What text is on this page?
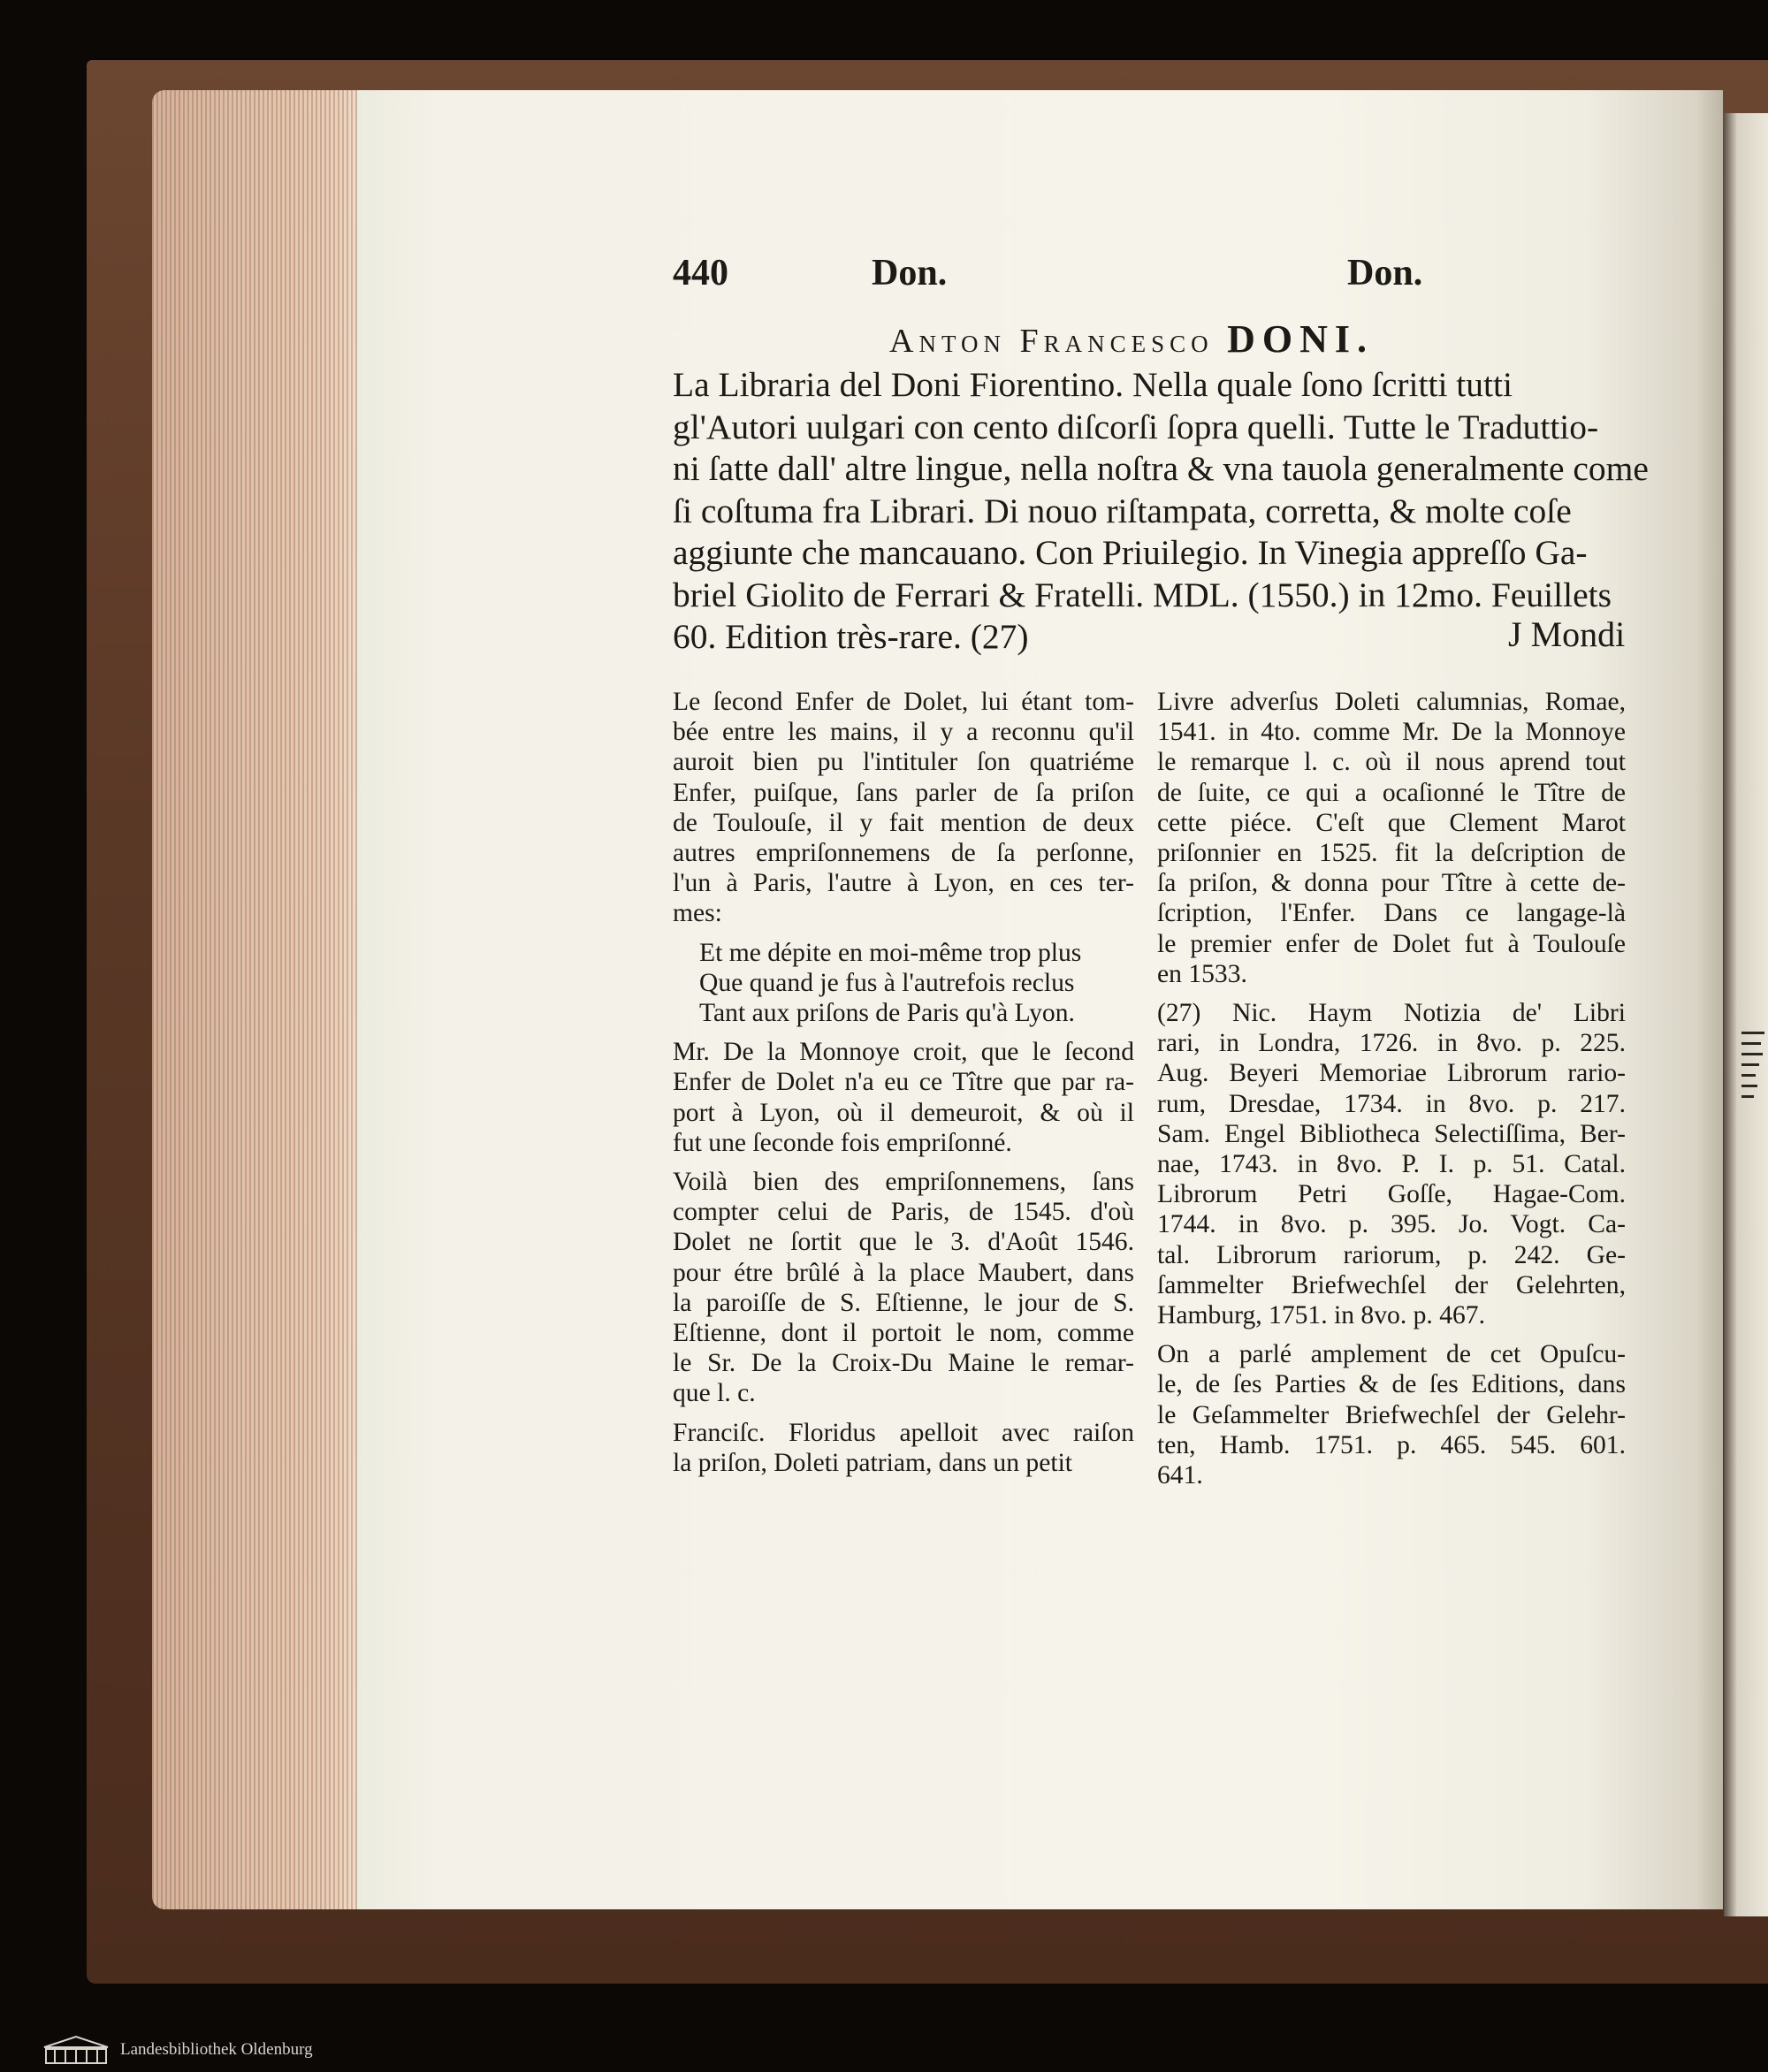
440	Don.	Don.
Anton Francesco DONI.
La Libraria del Doni Fiorentino. Nella quale ſono ſcritti tutti
gl'Autori uulgari con cento diſcorſi ſopra quelli. Tutte le Traduttio-
ni ſatte dall' altre lingue, nella noſtra & vna tauola generalmente come
ſi coſtuma fra Librari. Di nouo riſtampata, corretta, & molte coſe
aggiunte che mancauano. Con Priuilegio. In Vinegia appreſſo Ga-
briel Giolito de Ferrari & Fratelli. MDL. (1550.) in 12mo. Feuillets
60. Edition très-rare. (27)	J Mondi
Le ſecond Enfer de Dolet, lui étant tom-
bée entre les mains, il y a reconnu qu'il
auroit bien pu l'intituler ſon quatriéme
Enfer, puiſque, ſans parler de ſa priſon
de Toulouſe, il y fait mention de deux
autres empriſonnemens de ſa perſonne,
l'un à Paris, l'autre à Lyon, en ces ter-
mes:
Et me dépite en moi-même trop plus
Que quand je fus à l'autrefois reclus
Tant aux priſons de Paris qu'à Lyon.
Mr. De la Monnoye croit, que le ſecond
Enfer de Dolet n'a eu ce Tître que par ra-
port à Lyon, où il demeuroit, & où il
fut une ſeconde fois empriſonné.
Voilà bien des empriſonnemens, ſans
compter celui de Paris, de 1545. d'où
Dolet ne ſortit que le 3. d'Août 1546.
pour étre brûlé à la place Maubert, dans
la paroiſſe de S. Eſtienne, le jour de S.
Eſtienne, dont il portoit le nom, comme
le Sr. De la Croix-Du Maine le remar-
que l. c.
Franciſc. Floridus apelloit avec raiſon
la priſon, Doleti patriam, dans un petit
Livre adverſus Doleti calumnias, Romae,
1541. in 4to. comme Mr. De la Monnoye
le remarque l. c. où il nous aprend tout
de ſuite, ce qui a ocaſionné le Tître de
cette piéce. C'eſt que Clement Marot
priſonnier en 1525. fit la deſcription de
ſa priſon, & donna pour Tître à cette de-
ſcription, l'Enfer. Dans ce langage-là
le premier enfer de Dolet fut à Toulouſe
en 1533.
(27) Nic. Haym Notizia de' Libri
rari, in Londra, 1726. in 8vo. p. 225.
Aug. Beyeri Memoriae Librorum rario-
rum, Dresdae, 1734. in 8vo. p. 217.
Sam. Engel Bibliotheca Selectiſſima, Ber-
nae, 1743. in 8vo. P. I. p. 51. Catal.
Librorum Petri Goſſe, Hagae-Com.
1744. in 8vo. p. 395. Jo. Vogt. Ca-
tal. Librorum rariorum, p. 242. Ge-
ſammelter Briefwechſel der Gelehrten,
Hamburg, 1751. in 8vo. p. 467.
On a parlé amplement de cet Opuſcu-
le, de ſes Parties & de ſes Editions, dans
le Geſammelter Briefwechſel der Gelehr-
ten, Hamb. 1751. p. 465. 545. 601.
641.
Landesbibliothek Oldenburg
